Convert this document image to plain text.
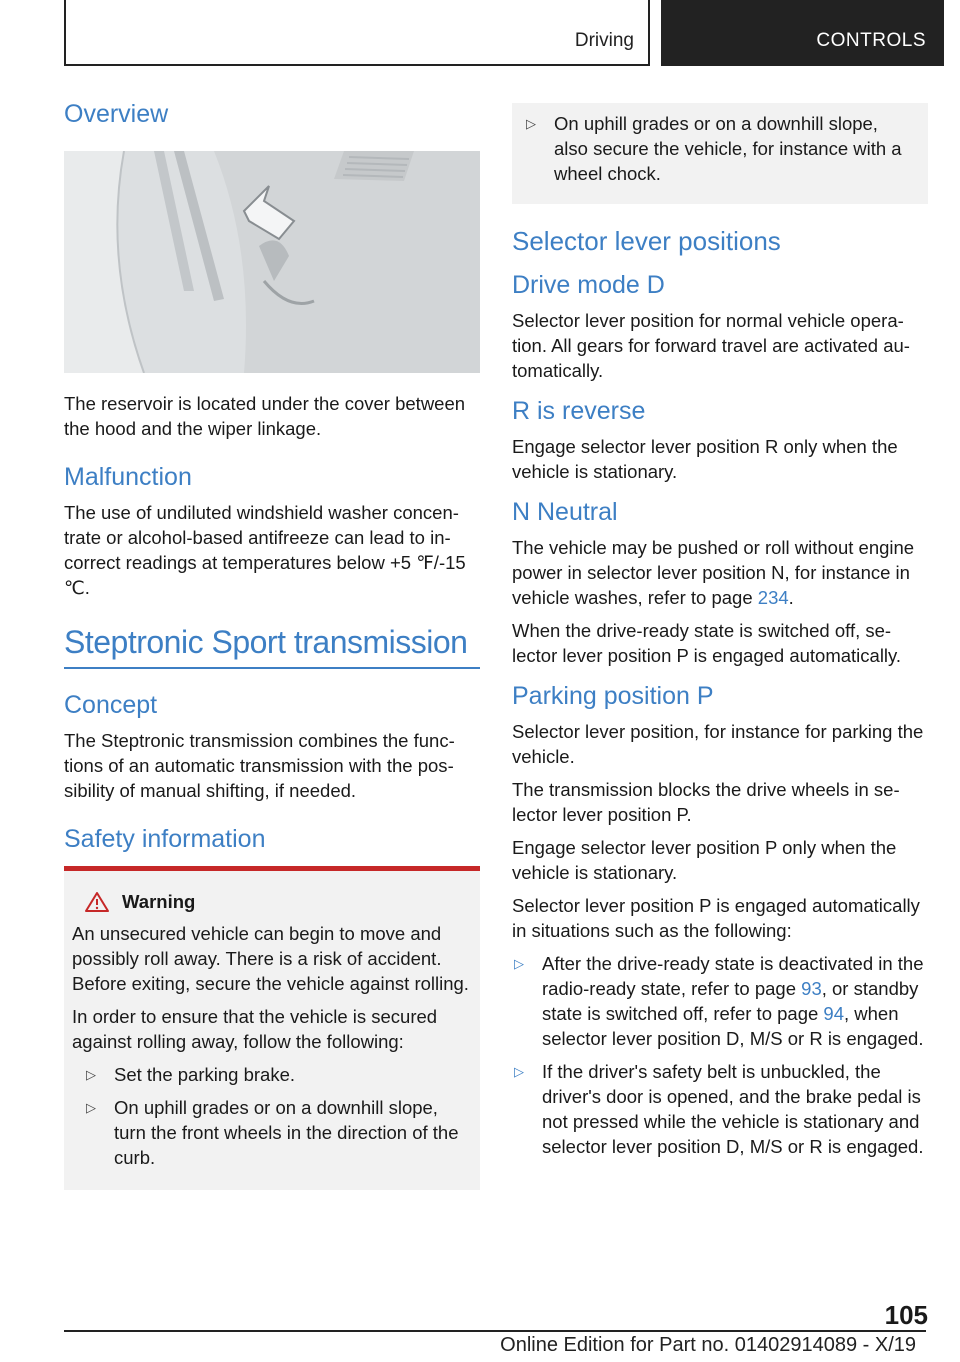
Driving	CONTROLS
Overview

The reservoir is located under the cover between the hood and the wiper linkage.

Malfunction

The use of undiluted windshield washer concentrate or alcohol-based antifreeze can lead to incorrect readings at temperatures below +5 ℉/-15 ℃.

Steptronic Sport transmission
Concept

The Steptronic transmission combines the functions of an automatic transmission with the possibility of manual shifting, if needed.

Safety information
Warning

An unsecured vehicle can begin to move and possibly roll away. There is a risk of accident. Before exiting, secure the vehicle against rolling.

In order to ensure that the vehicle is secured against rolling away, follow the following:

▷ Set the parking brake.
▷ On uphill grades or on a downhill slope, turn the front wheels in the direction of the curb.
▷ On uphill grades or on a downhill slope, also secure the vehicle, for instance with a wheel chock.
Selector lever positions
Drive mode D

Selector lever position for normal vehicle operation. All gears for forward travel are activated automatically.

R is reverse

Engage selector lever position R only when the vehicle is stationary.

N Neutral

The vehicle may be pushed or roll without engine power in selector lever position N, for instance in vehicle washes, refer to page 234.

When the drive-ready state is switched off, selector lever position P is engaged automatically.

Parking position P

Selector lever position, for instance for parking the vehicle.

The transmission blocks the drive wheels in selector lever position P.

Engage selector lever position P only when the vehicle is stationary.

Selector lever position P is engaged automatically in situations such as the following:

▷ After the drive-ready state is deactivated in the radio-ready state, refer to page 93, or standby state is switched off, refer to page 94, when selector lever position D, M/S or R is engaged.
▷ If the driver's safety belt is unbuckled, the driver's door is opened, and the brake pedal is not pressed while the vehicle is stationary and selector lever position D, M/S or R is engaged.
105
Online Edition for Part no. 01402914089 - X/19
